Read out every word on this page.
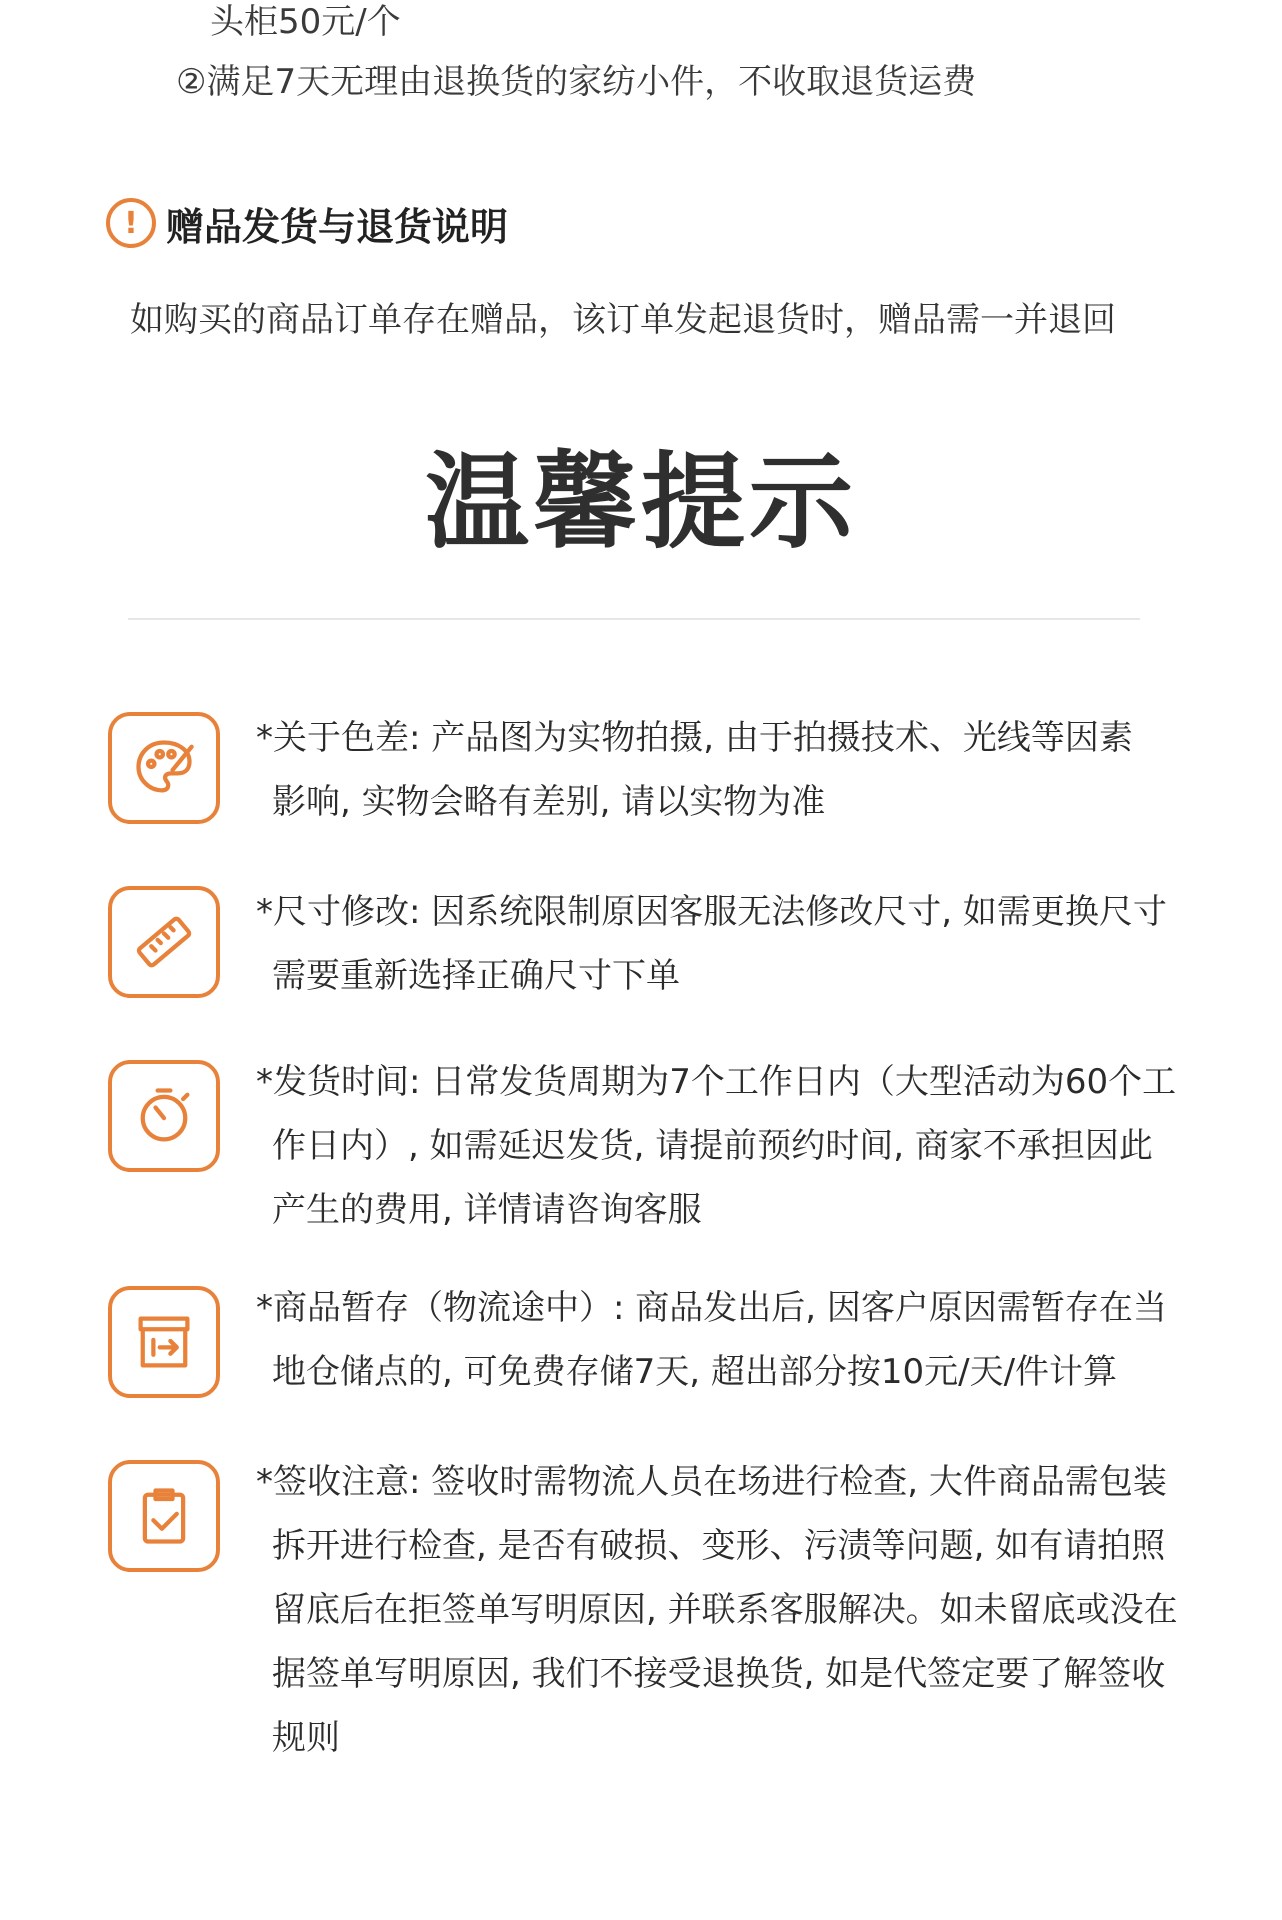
头柜50元/个
②满足7天无理由退换货的家纺小件，不收取退货运费
! 赠品发货与退货说明
如购买的商品订单存在赠品，该订单发起退货时，赠品需一并退回
温馨提示
*关于色差: 产品图为实物拍摄, 由于拍摄技术、光线等因素
影响, 实物会略有差别, 请以实物为准
*尺寸修改: 因系统限制原因客服无法修改尺寸, 如需更换尺寸
需要重新选择正确尺寸下单
*发货时间: 日常发货周期为7个工作日内（大型活动为60个工
作日内）, 如需延迟发货, 请提前预约时间, 商家不承担因此
产生的费用, 详情请咨询客服
*商品暂存（物流途中）: 商品发出后, 因客户原因需暂存在当
地仓储点的, 可免费存储7天, 超出部分按10元/天/件计算
*签收注意: 签收时需物流人员在场进行检查, 大件商品需包装
拆开进行检查, 是否有破损、变形、污渍等问题, 如有请拍照
留底后在拒签单写明原因, 并联系客服解决。如未留底或没在
据签单写明原因, 我们不接受退换货, 如是代签定要了解签收
规则
